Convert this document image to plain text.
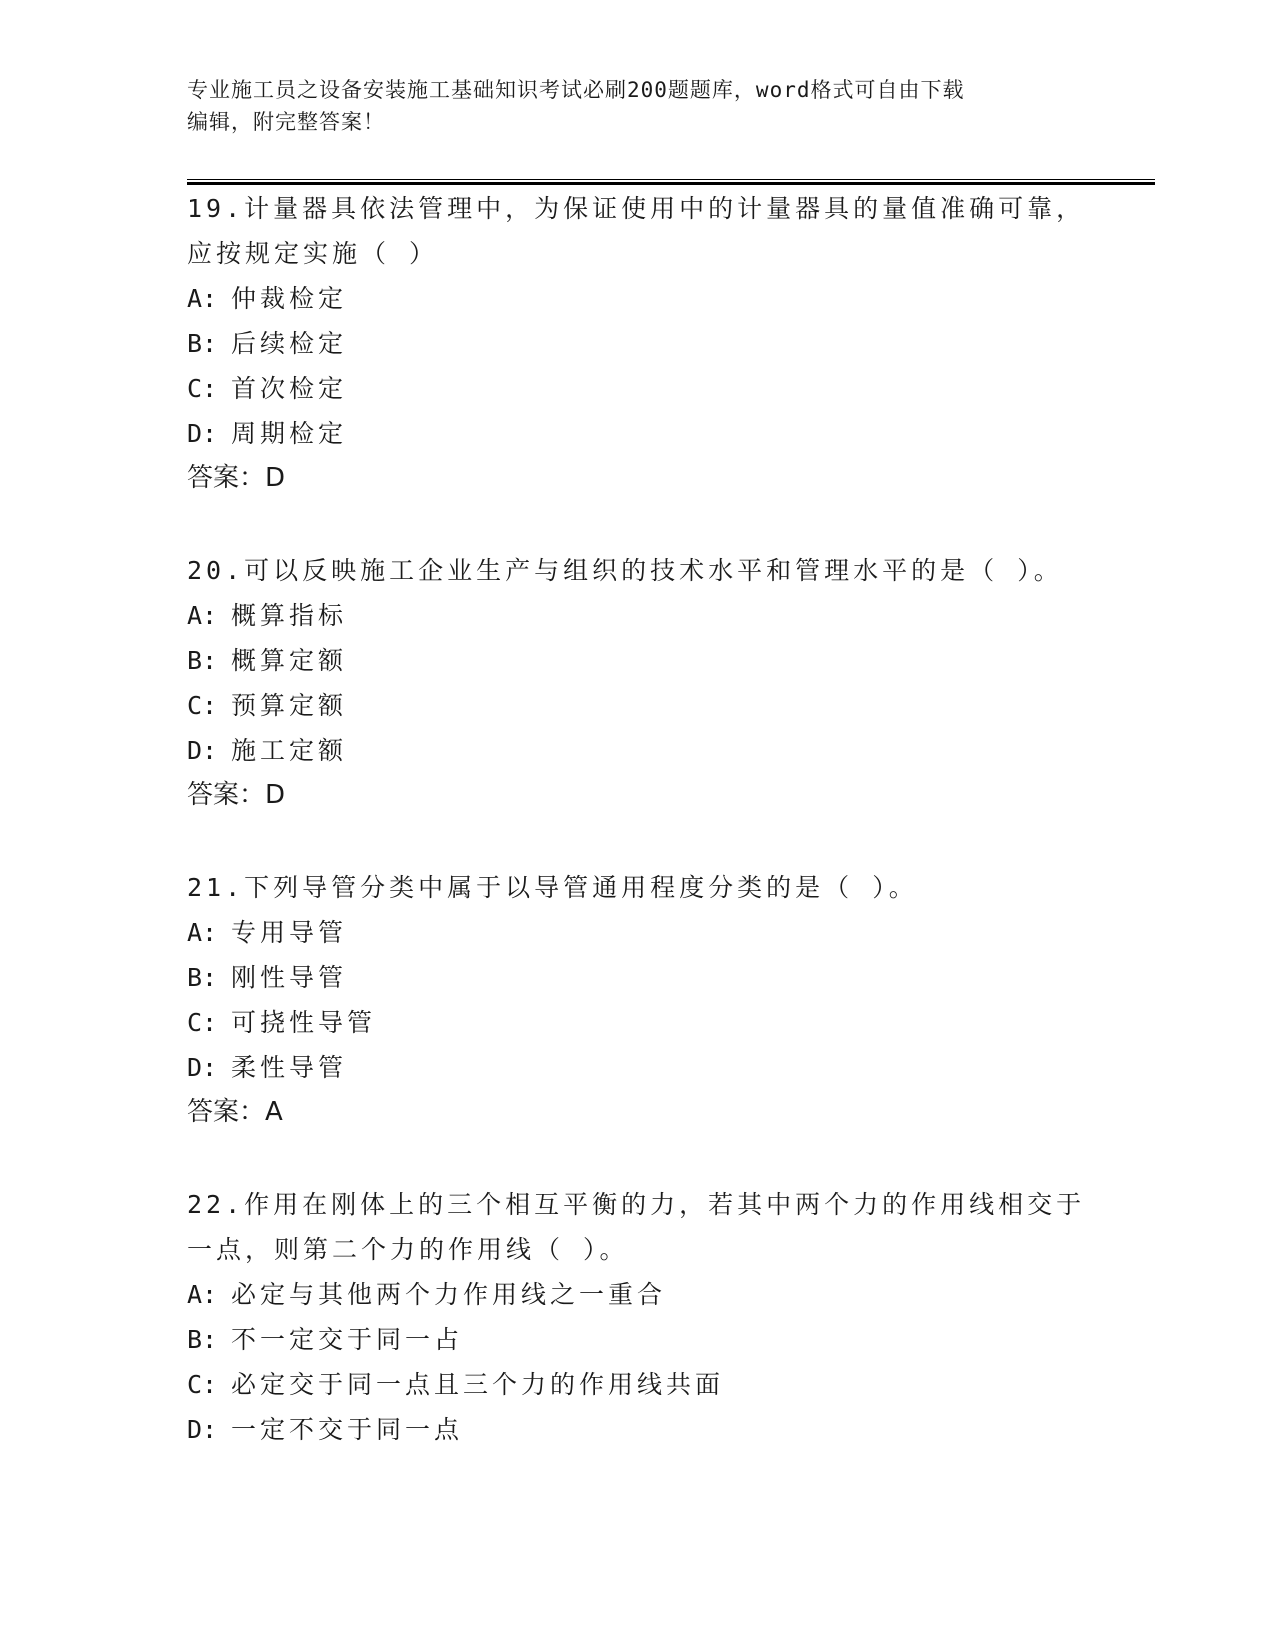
专业施工员之设备安装施工基础知识考试必刷200题题库，word格式可自由下载
编辑，附完整答案！

19.计量器具依法管理中，为保证使用中的计量器具的量值准确可靠，

应按规定实施（ ）

A: 仲裁检定

B: 后续检定

C: 首次检定

D: 周期检定

答案：D

20.可以反映施工企业生产与组织的技术水平和管理水平的是（ ）。

A: 概算指标

B: 概算定额

C: 预算定额

D: 施工定额

答案：D

21.下列导管分类中属于以导管通用程度分类的是（ ）。

A: 专用导管

B: 刚性导管

C: 可挠性导管

D: 柔性导管

答案：A

22.作用在刚体上的三个相互平衡的力，若其中两个力的作用线相交于

一点，则第二个力的作用线（ ）。

A: 必定与其他两个力作用线之一重合

B: 不一定交于同一占

C: 必定交于同一点且三个力的作用线共面

D: 一定不交于同一点
